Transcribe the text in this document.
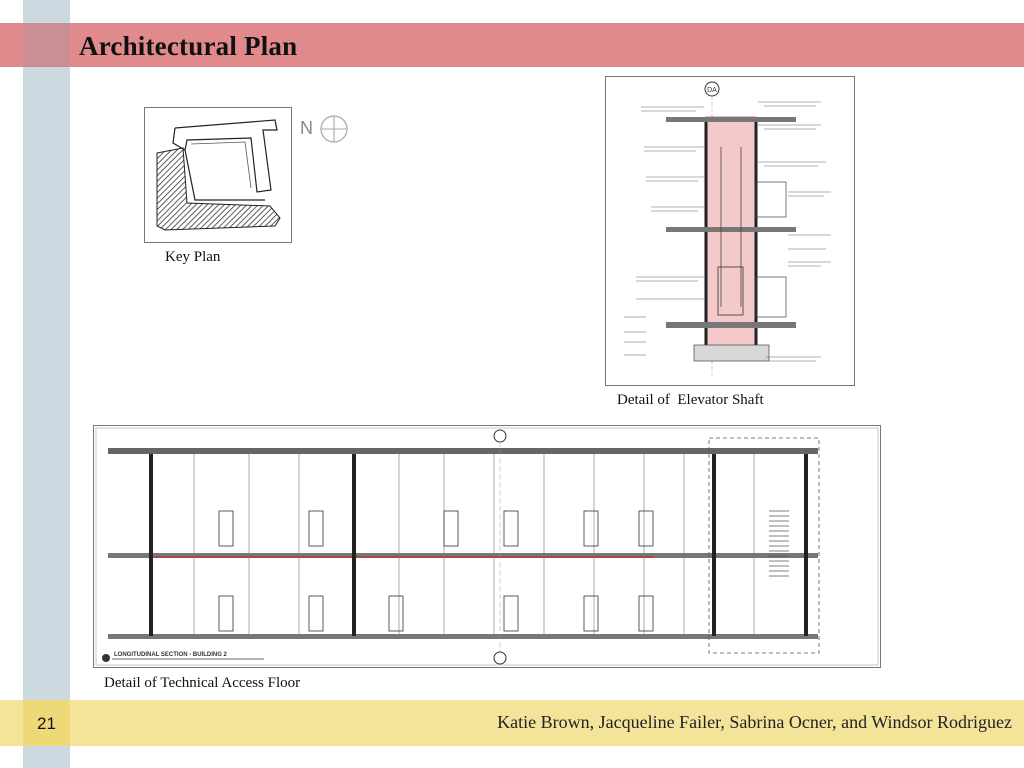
Architectural Plan
N
Key Plan
DA
Detail of  Elevator Shaft
LONGITUDINAL SECTION - BUILDING 2
Detail of Technical Access Floor
21	Katie Brown, Jacqueline Failer, Sabrina Ocner, and Windsor Rodriguez
